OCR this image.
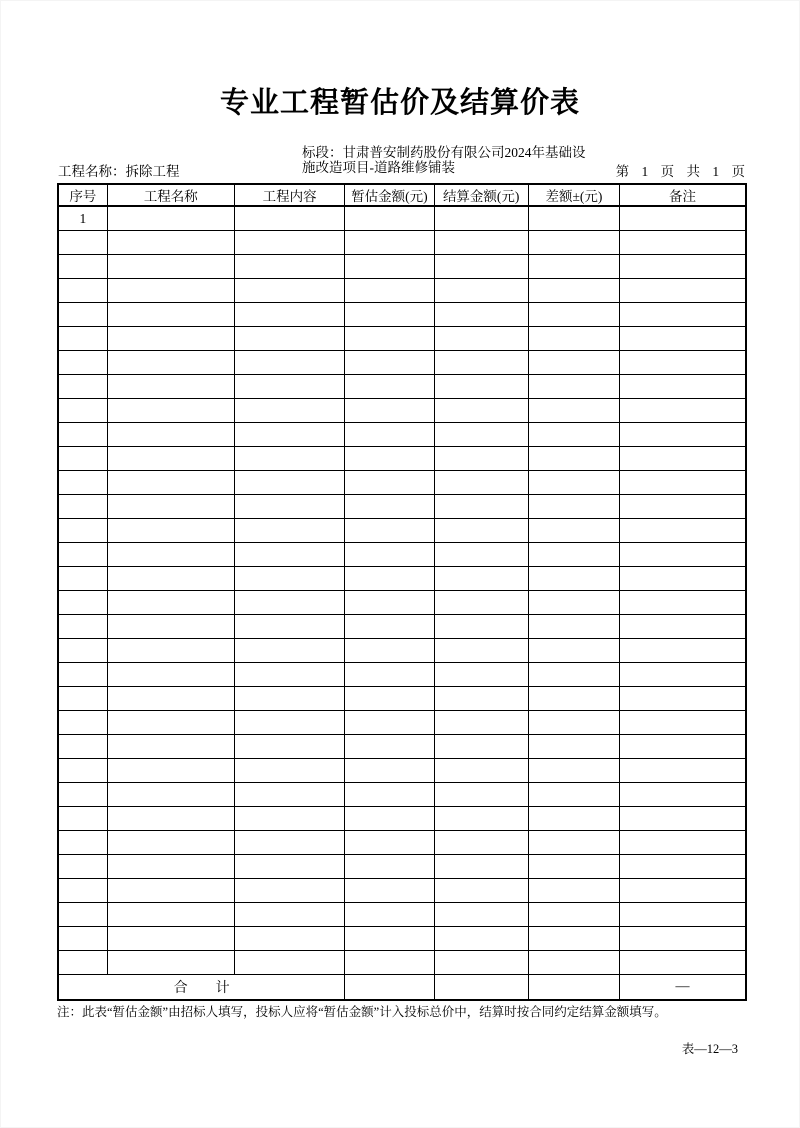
专业工程暂估价及结算价表
工程名称：拆除工程
标段：甘肃普安制药股份有限公司2024年基础设施改造项目-道路维修铺装	第 1 页 共 1 页
序号	工程名称	工程内容	暂估金额(元)	结算金额(元)	差额±(元)	备注
1						

合　　计						—
注：此表“暂估金额”由招标人填写，投标人应将“暂估金额”计入投标总价中，结算时按合同约定结算金额填写。
表—12—3
